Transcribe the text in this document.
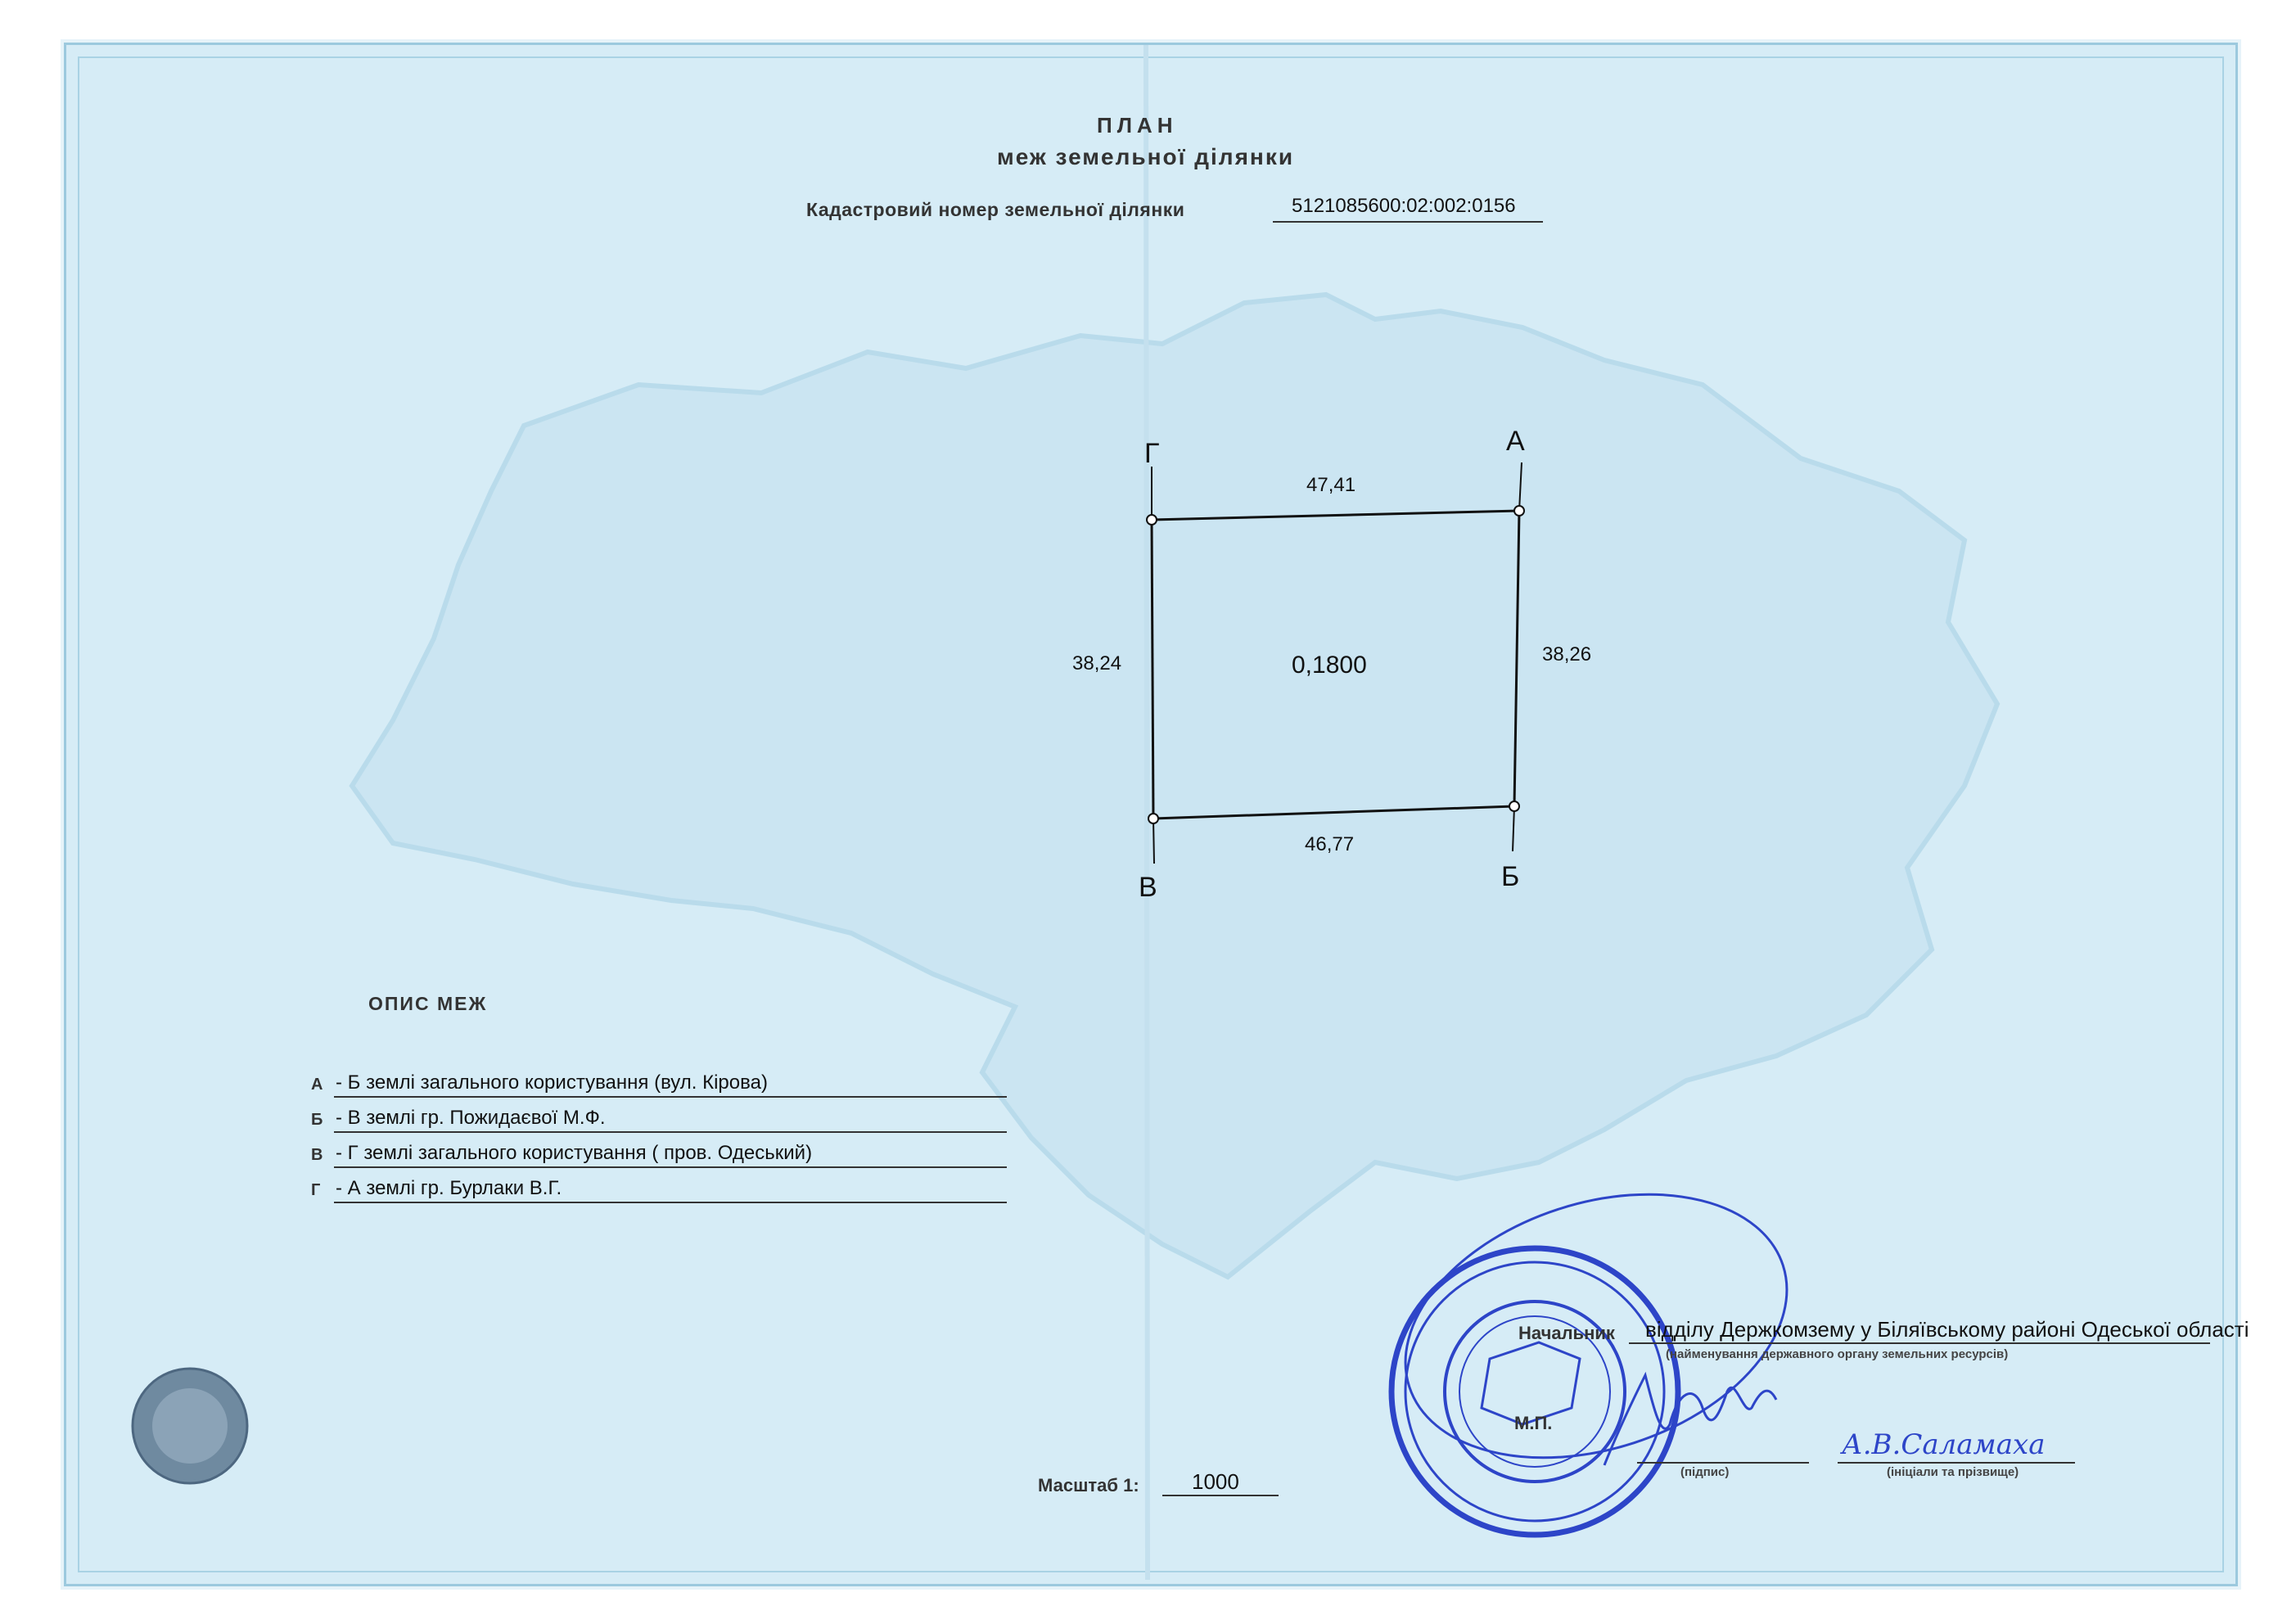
ПЛАН
меж земельної ділянки
Кадастровий номер земельної ділянки	5121085600:02:002:0156
А
Г
В	Б
47,41
38,26
46,77
38,24	0,1800
ОПИС МЕЖ
А - Б землі загального користування (вул. Кірова)
Б - В землі гр. Пожидаєвої М.Ф.
В - Г землі загального користування ( пров. Одеський)
Г - А землі гр. Бурлаки В.Г.
Начальник відділу Держкомзему у Біляївському районі Одеської області
(найменування державного органу земельних ресурсів)
М.П.
(підпис)	(ініціали та прізвище)
А.В.Саламаха
Масштаб 1: 1000
